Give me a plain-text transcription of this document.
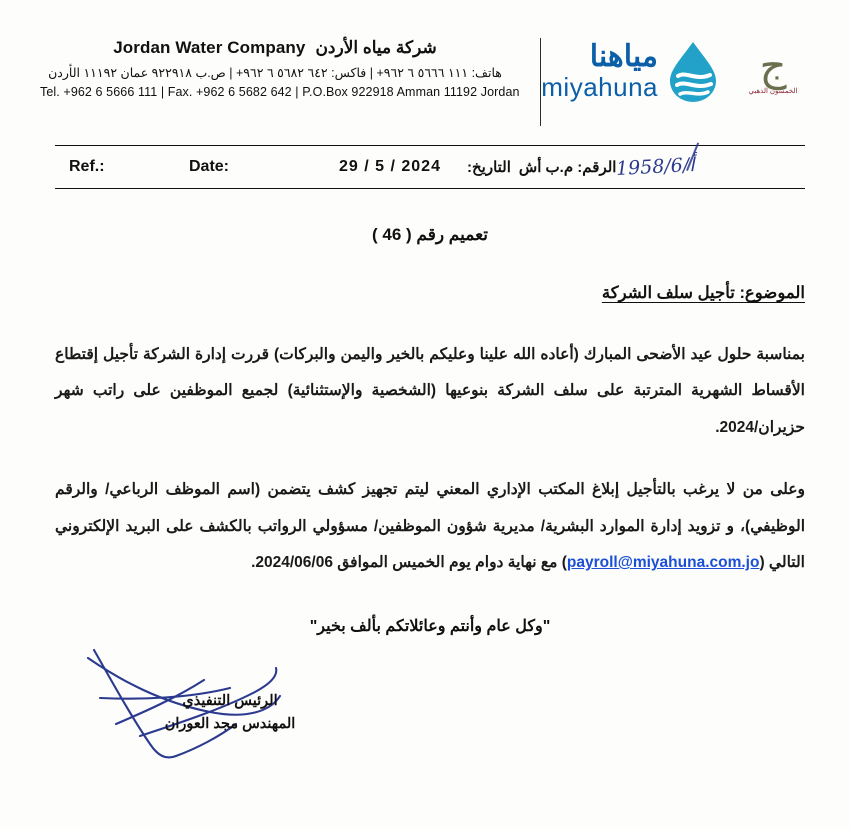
Jordan Water Company شركة مياه الأردن
هاتف: ١١١ ٥٦٦٦ ٦ ٩٦٢+ | فاكس: ٦٤٢ ٥٦٨٢ ٦ ٩٦٢+ | ص.ب ٩٢٢٩١٨ عمان ١١١٩٢ الأردن
Tel. +962 6 5666 111 | Fax. +962 6 5682 642 | P.O.Box 922918 Amman 11192 Jordan
مياهنا
miyahuna ج
الخمسون الذهبي
Ref.:	Date:	29 / 5 / 2024 التاريخ: الرقم: م.ب أش 1958/6/أ
تعميم رقم ( 46 )
الموضوع: تأجيل سلف الشركة

بمناسبة حلول عيد الأضحى المبارك (أعاده الله علينا وعليكم بالخير واليمن والبركات) قررت إدارة الشركة تأجيل إقتطاع الأقساط الشهرية المترتبة على سلف الشركة بنوعيها (الشخصية والإستثنائية) لجميع الموظفين على راتب شهر حزيران/2024.

وعلى من لا يرغب بالتأجيل إبلاغ المكتب الإداري المعني ليتم تجهيز كشف يتضمن (اسم الموظف الرباعي/ والرقم الوظيفي)، و تزويد إدارة الموارد البشرية/ مديرية شؤون الموظفين/ مسؤولي الرواتب بالكشف على البريد الإلكتروني التالي (payroll@miyahuna.com.jo) مع نهاية دوام يوم الخميس الموافق 2024/06/06.

"وكل عام وأنتم وعائلاتكم بألف بخير"
الرئيس التنفيذي
المهندس مجد العوران
